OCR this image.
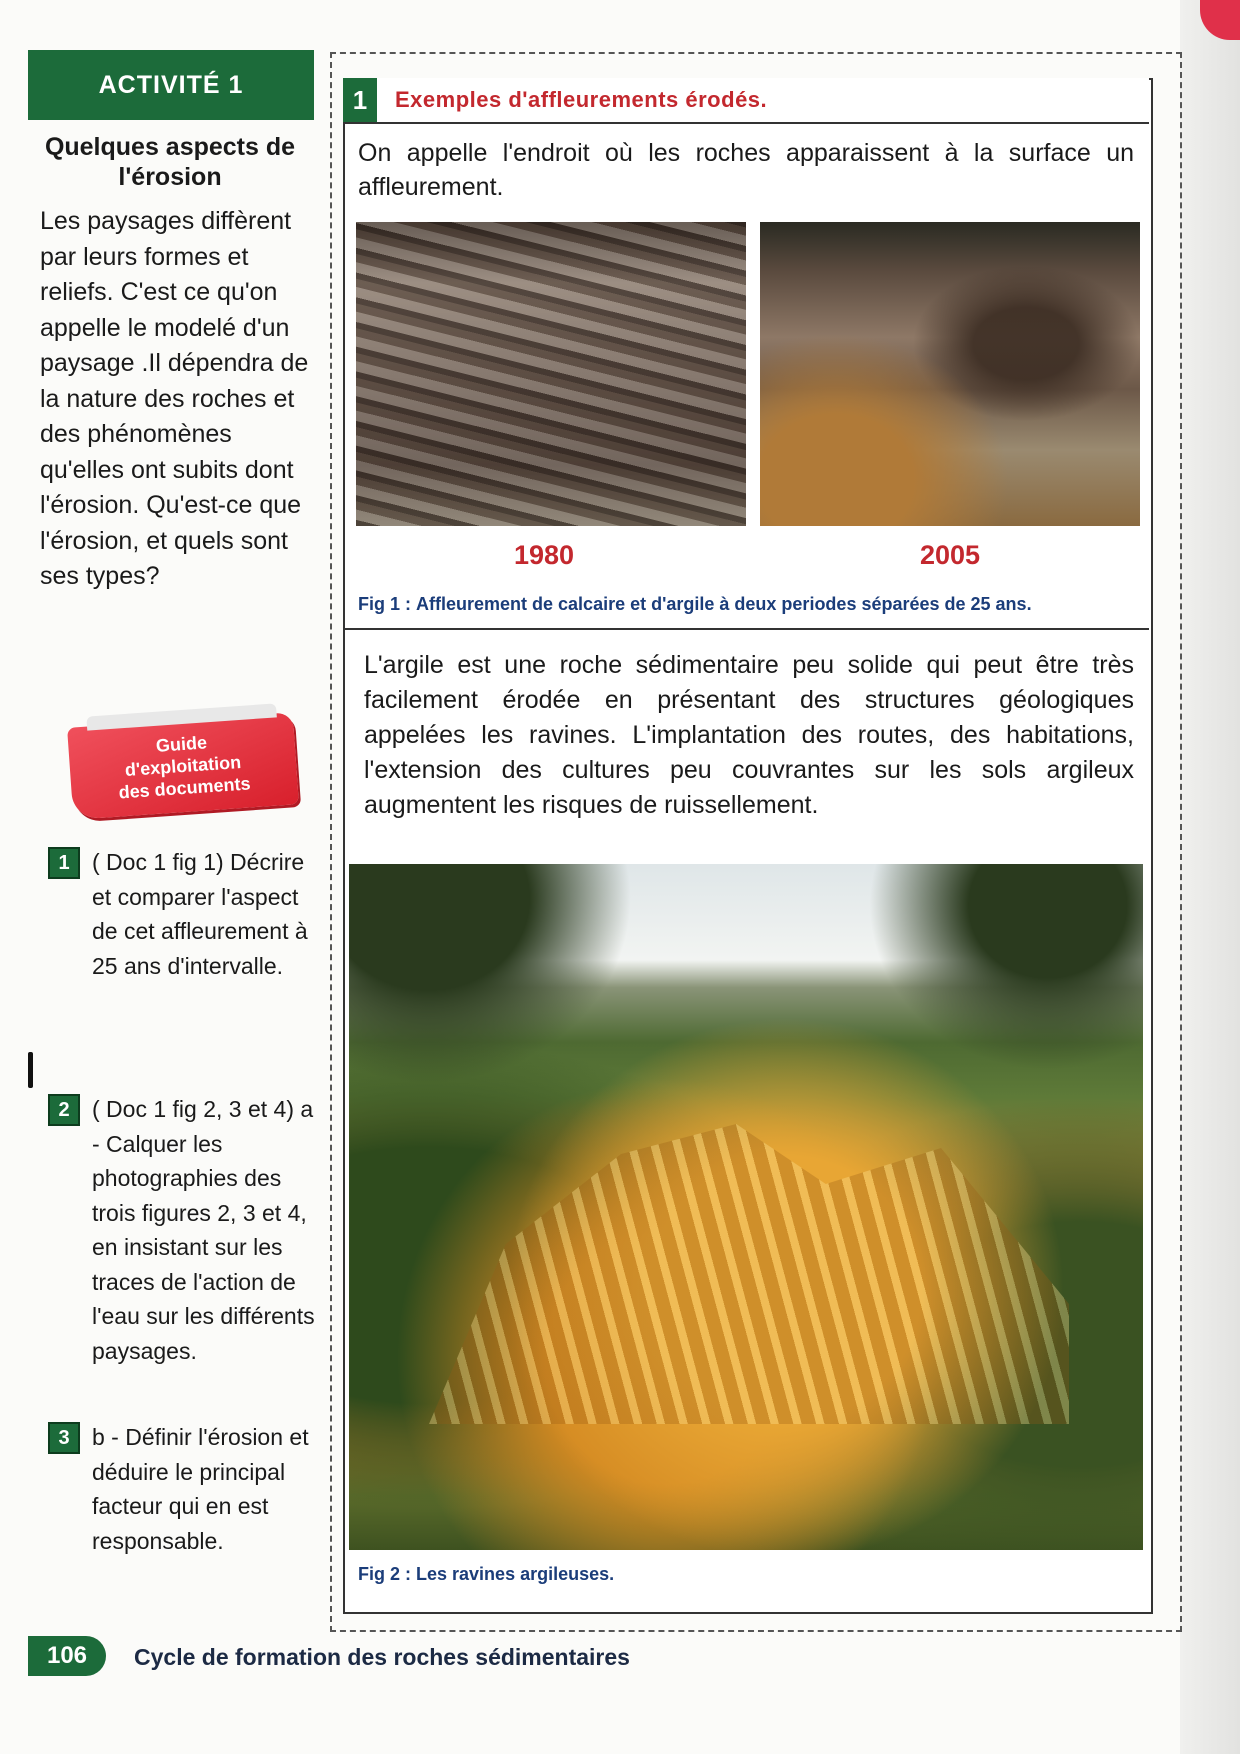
ACTIVITÉ 1
Quelques aspects de l'érosion
Les paysages diffèrent par leurs formes et reliefs. C'est ce qu'on appelle le modelé d'un paysage .Il dépendra de la nature des roches et des phénomènes qu'elles ont subits dont l'érosion. Qu'est-ce que l'érosion, et quels sont ses types?
Guide
d'exploitation
des documents
1 ( Doc 1 fig 1) Décrire et comparer l'aspect de cet affleurement à 25 ans d'intervalle.
2 ( Doc 1 fig 2, 3 et 4) a - Calquer les photographies des trois figures 2, 3 et 4, en insistant sur les traces de l'action de l'eau sur les différents paysages.
3 b - Définir l'érosion et déduire le principal facteur qui en est responsable.
1	Exemples d'affleurements érodés.
On appelle l'endroit où les roches apparaissent à la surface un affleurement.
1980	2005
Fig 1 : Affleurement de calcaire et d'argile à deux periodes séparées de 25 ans.
L'argile est une roche sédimentaire peu solide qui peut être très facilement érodée en présentant des structures géologiques appelées les ravines. L'implantation des routes, des habitations, l'extension des cultures peu couvrantes sur les sols argileux augmentent les risques de ruissellement.
Fig 2 : Les ravines argileuses.
106	Cycle de formation des roches sédimentaires
